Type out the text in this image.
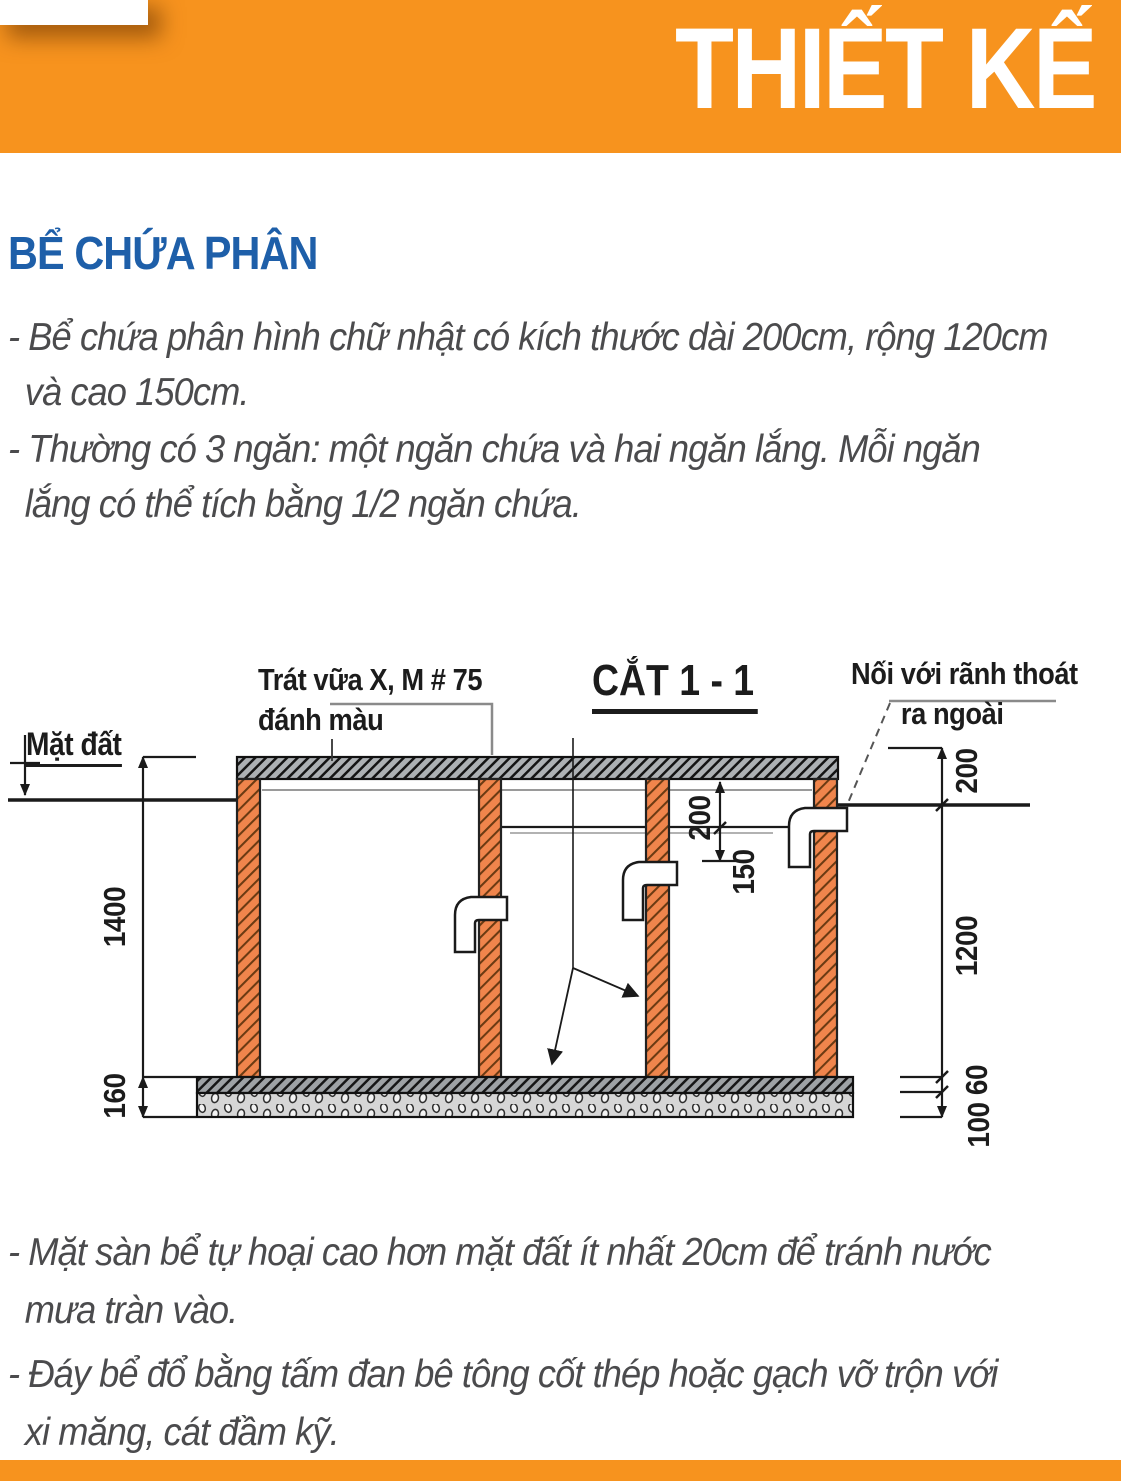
THIẾT KẾ
BỂ CHỨA PHÂN
- Bể chứa phân hình chữ nhật có kích thước dài 200cm, rộng 120cm
và cao 150cm.
- Thường có 3 ngăn: một ngăn chứa và hai ngăn lắng. Mỗi ngăn
lắng có thể tích bằng 1/2 ngăn chứa.
Trát vữa X, M # 75
đánh màu
CẮT 1 - 1	Nối với rãnh thoát
ra ngoài
Mặt đất
1400
160
200
150
200
1200
60
100
- Mặt sàn bể tự hoại cao hơn mặt đất ít nhất 20cm để tránh nước
mưa tràn vào.
- Đáy bể đổ bằng tấm đan bê tông cốt thép hoặc gạch vỡ trộn với
xi măng, cát đầm kỹ.
